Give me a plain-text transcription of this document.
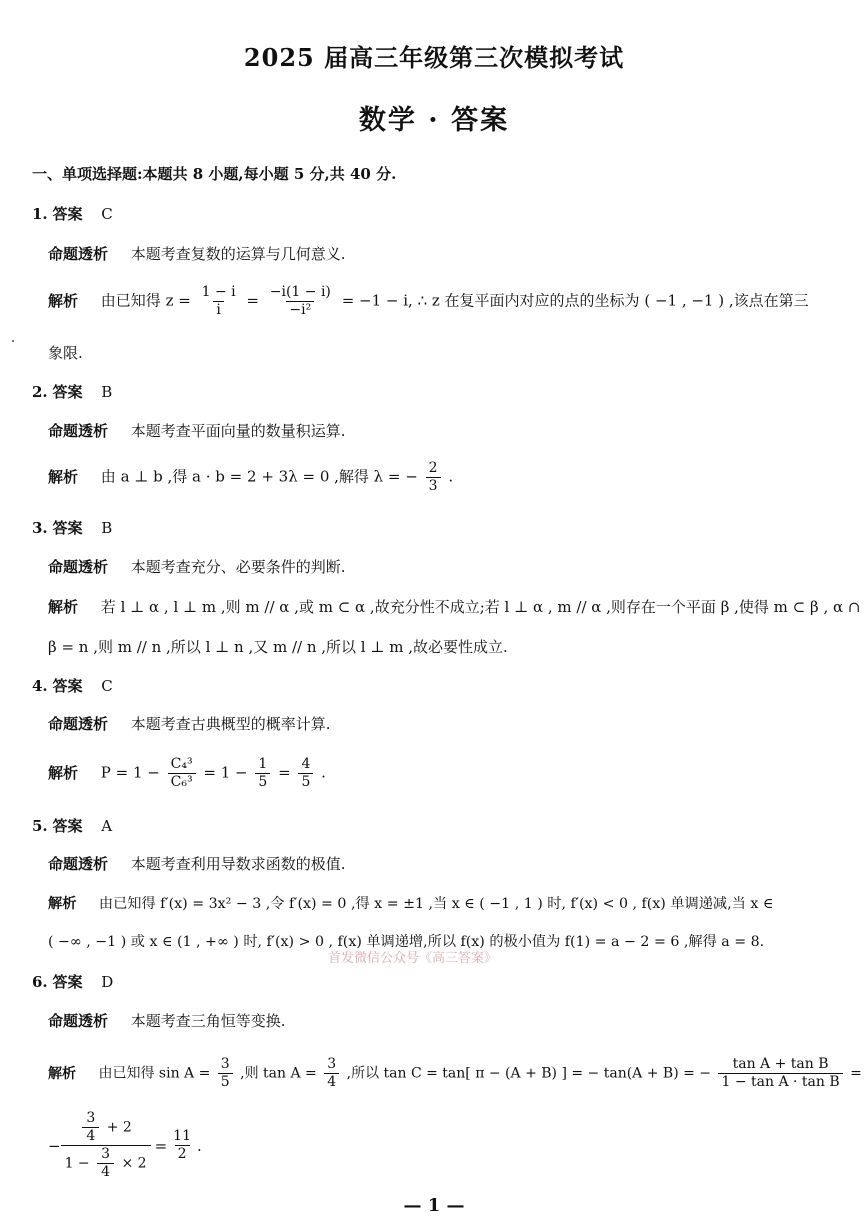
2025 届高三年级第三次模拟考试
数学 · 答案
一、单项选择题:本题共 8 小题,每小题 5 分,共 40 分.
1. 答案 C
命题透析 本题考查复数的运算与几何意义.
解析 由已知得 $z = \frac{1 - i}{i} = \frac{-i(1 - i)}{\text{−i²}} = -1 - i$, ∴ z 在复平面内对应的点的坐标为 ( −1 , −1 ) ,该点在第三
象限.
2. 答案 B
命题透析 本题考查平面向量的数量积运算.
解析 由 a ⊥ b ,得 a · b = 2 + 3λ = 0 ,解得 λ = − $\frac{2}{3}$ .
3. 答案 B
命题透析 本题考查充分、必要条件的判断.
解析 若 l ⊥ α , l ⊥ m ,则 m // α ,或 m ⊂ α ,故充分性不成立;若 l ⊥ α , m // α ,则存在一个平面 β ,使得 m ⊂ β , α ∩
β = n ,则 m // n ,所以 l ⊥ n ,又 m // n ,所以 l ⊥ m ,故必要性成立.
4. 答案 C
命题透析 本题考查古典概型的概率计算.
解析 $P = 1 - \frac{\text{C₄³}}{\text{C₆³}} = 1 - \frac{1}{5} = \frac{4}{5}$ .
5. 答案 A
命题透析 本题考查利用导数求函数的极值.
解析 由已知得 f′(x) = 3x² − 3 ,令 f′(x) = 0 ,得 x = ±1 ,当 x ∈ ( −1 , 1 ) 时, f′(x) < 0 , f(x) 单调递减,当 x ∈
( −∞ , −1 ) 或 x ∈ (1 , +∞ ) 时, f′(x) > 0 , f(x) 单调递增,所以 f(x) 的极小值为 f(1) = a − 2 = 6 ,解得 a = 8.
首发微信公众号《高三答案》
6. 答案 D
命题透析 本题考查三角恒等变换.
解析 由已知得 $\sin A = \frac{3}{5}$ ,则 $\tan A = \frac{3}{4}$ ,所以 tan C = tan[ π − (A + B) ] = − tan(A + B) = − $\frac{\text{tan A + tan B}}{\text{1 − tan A · tan B}}$ =
− $\frac{\frac{3}{4} + 2}{1 - \frac{3}{4} \times 2} = \frac{11}{2}$ .
— 1 —
